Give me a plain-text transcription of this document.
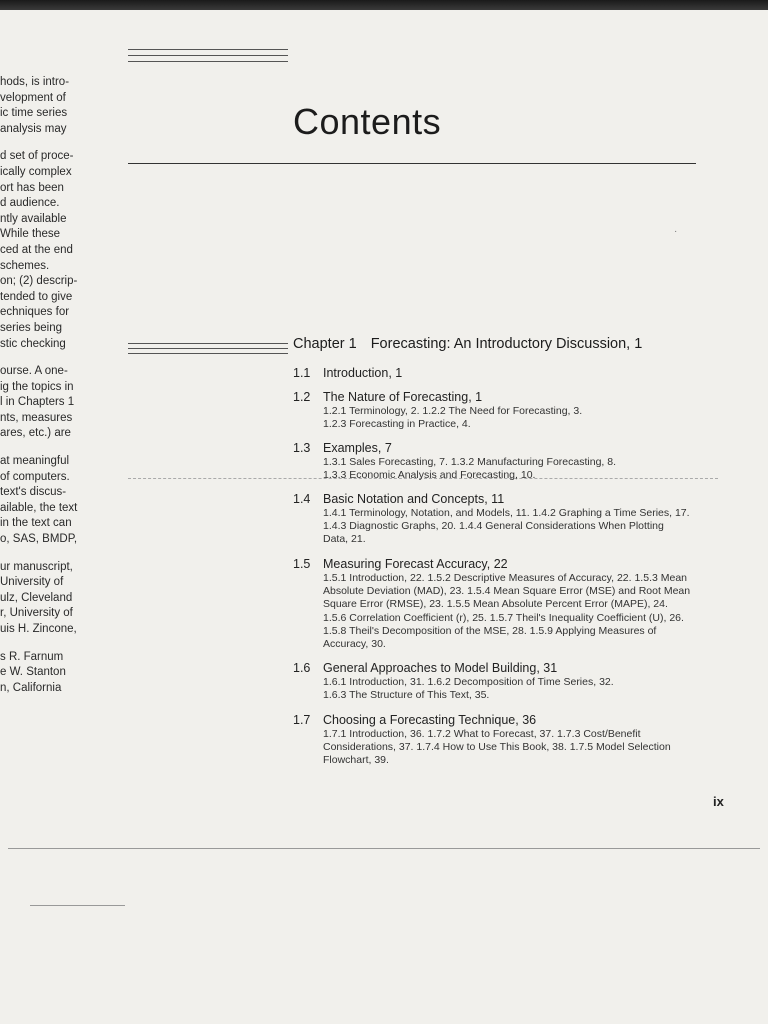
·
hods, is intro-
velopment of
ic time series
analysis may
d set of proce-
ically complex
ort has been
d audience.
ntly available
While these
ced at the end
schemes.
on; (2) descrip-
tended to give
echniques for
series being
stic checking
ourse. A one-
ig the topics in
l in Chapters 1
nts, measures
ares, etc.) are
at meaningful
of computers.
text's discus-
ailable, the text
in the text can
o, SAS, BMDP,
ur manuscript,
University of
ulz, Cleveland
r, University of
uis H. Zincone,
s R. Farnum
e W. Stanton
n, California
Contents
Chapter 1 Forecasting: An Introductory Discussion, 1
1.1 Introduction, 1
1.2 The Nature of Forecasting, 1
1.2.1 Terminology, 2. 1.2.2 The Need for Forecasting, 3.
1.2.3 Forecasting in Practice, 4.
1.3 Examples, 7
1.3.1 Sales Forecasting, 7. 1.3.2 Manufacturing Forecasting, 8.
1.3.3 Economic Analysis and Forecasting, 10.
1.4 Basic Notation and Concepts, 11
1.4.1 Terminology, Notation, and Models, 11. 1.4.2 Graphing a Time Series, 17.
1.4.3 Diagnostic Graphs, 20. 1.4.4 General Considerations When Plotting
Data, 21.
1.5 Measuring Forecast Accuracy, 22
1.5.1 Introduction, 22. 1.5.2 Descriptive Measures of Accuracy, 22. 1.5.3 Mean
Absolute Deviation (MAD), 23. 1.5.4 Mean Square Error (MSE) and Root Mean
Square Error (RMSE), 23. 1.5.5 Mean Absolute Percent Error (MAPE), 24.
1.5.6 Correlation Coefficient (r), 25. 1.5.7 Theil's Inequality Coefficient (U), 26.
1.5.8 Theil's Decomposition of the MSE, 28. 1.5.9 Applying Measures of
Accuracy, 30.
1.6 General Approaches to Model Building, 31
1.6.1 Introduction, 31. 1.6.2 Decomposition of Time Series, 32.
1.6.3 The Structure of This Text, 35.
1.7 Choosing a Forecasting Technique, 36
1.7.1 Introduction, 36. 1.7.2 What to Forecast, 37. 1.7.3 Cost/Benefit
Considerations, 37. 1.7.4 How to Use This Book, 38. 1.7.5 Model Selection
Flowchart, 39.
ix
